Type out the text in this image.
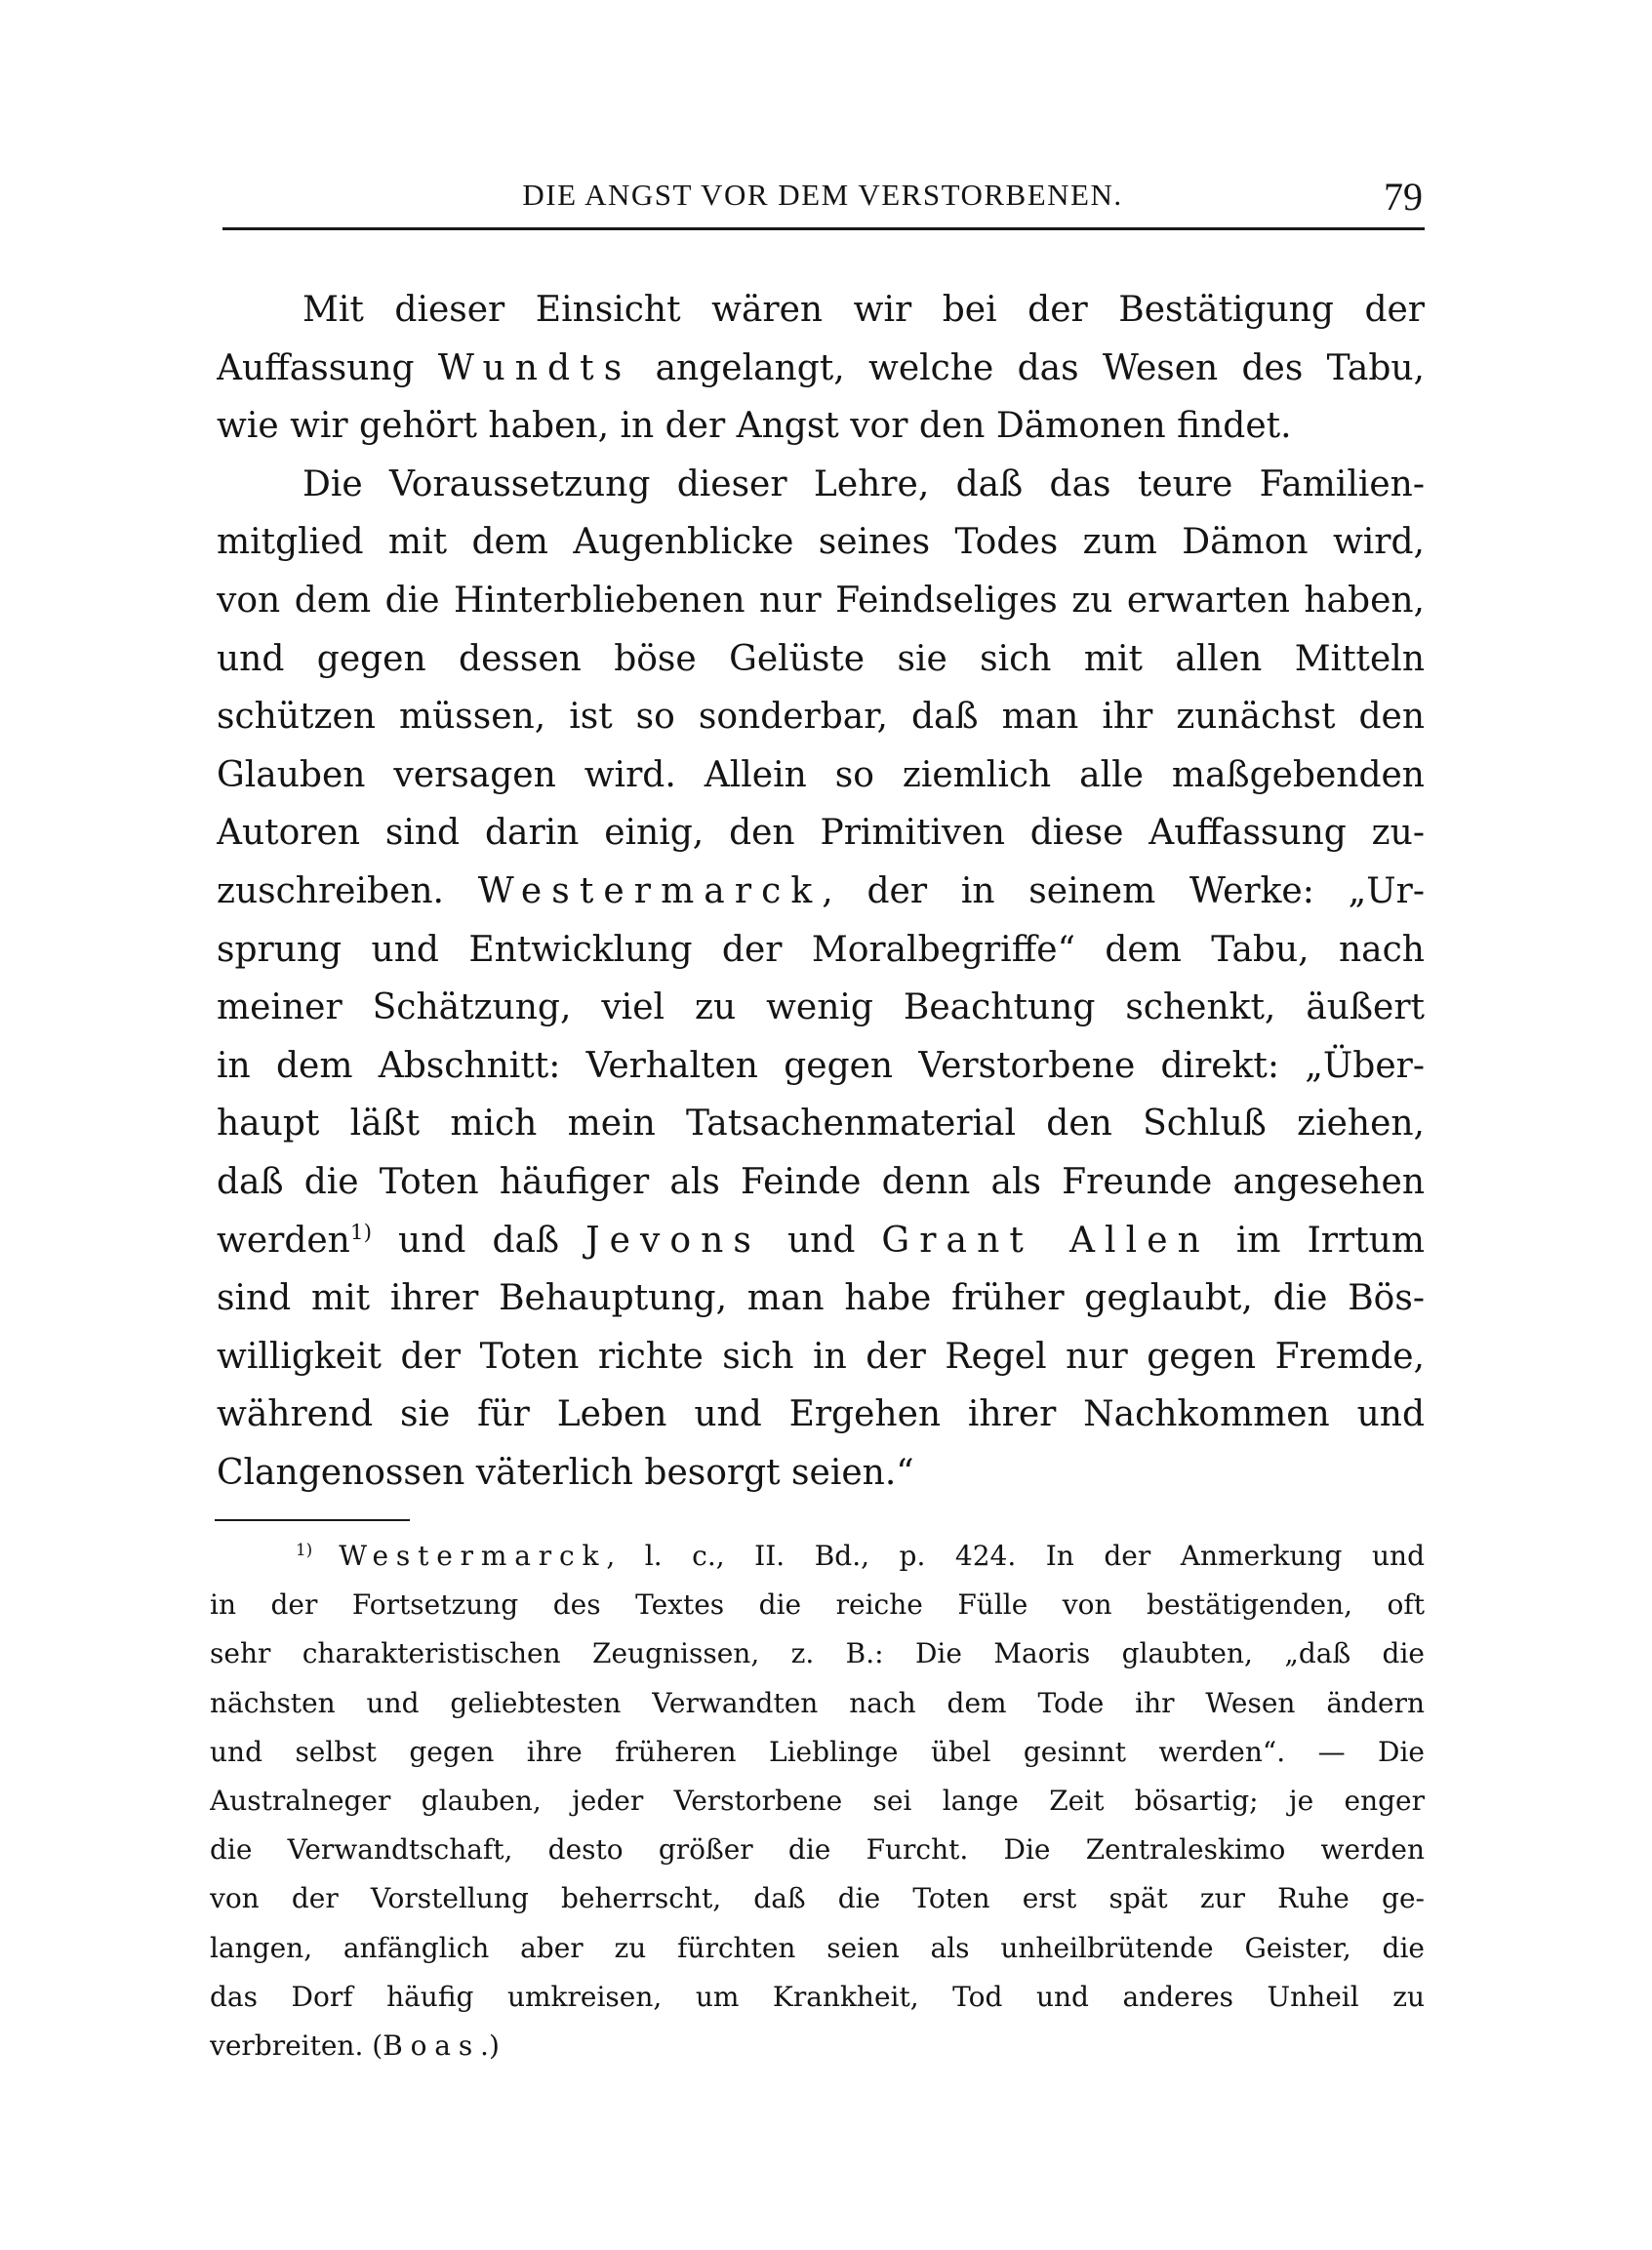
DIE ANGST VOR DEM VERSTORBENEN.	79
Mit dieser Einsicht wären wir bei der Bestätigung der
Auffassung Wundts angelangt, welche das Wesen des Tabu,
wie wir gehört haben, in der Angst vor den Dämonen findet.
Die Voraussetzung dieser Lehre, daß das teure Familien-
mitglied mit dem Augenblicke seines Todes zum Dämon wird,
von dem die Hinterbliebenen nur Feindseliges zu erwarten haben,
und gegen dessen böse Gelüste sie sich mit allen Mitteln
schützen müssen, ist so sonderbar, daß man ihr zunächst den
Glauben versagen wird. Allein so ziemlich alle maßgebenden
Autoren sind darin einig, den Primitiven diese Auffassung zu-
zuschreiben. Westermarck, der in seinem Werke: „Ur-
sprung und Entwicklung der Moralbegriffe“ dem Tabu, nach
meiner Schätzung, viel zu wenig Beachtung schenkt, äußert
in dem Abschnitt: Verhalten gegen Verstorbene direkt: „Über-
haupt läßt mich mein Tatsachenmaterial den Schluß ziehen,
daß die Toten häufiger als Feinde denn als Freunde angesehen
werden$^{1)}$ und daß Jevons und Grant Allen im Irrtum
sind mit ihrer Behauptung, man habe früher geglaubt, die Bös-
willigkeit der Toten richte sich in der Regel nur gegen Fremde,
während sie für Leben und Ergehen ihrer Nachkommen und
Clangenossen väterlich besorgt seien.“
$^{1)}$ Westermarck, l. c., II. Bd., p. 424. In der Anmerkung und
in der Fortsetzung des Textes die reiche Fülle von bestätigenden, oft
sehr charakteristischen Zeugnissen, z. B.: Die Maoris glaubten, „daß die
nächsten und geliebtesten Verwandten nach dem Tode ihr Wesen ändern
und selbst gegen ihre früheren Lieblinge übel gesinnt werden“. — Die
Australneger glauben, jeder Verstorbene sei lange Zeit bösartig; je enger
die Verwandtschaft, desto größer die Furcht. Die Zentraleskimo werden
von der Vorstellung beherrscht, daß die Toten erst spät zur Ruhe ge-
langen, anfänglich aber zu fürchten seien als unheilbrütende Geister, die
das Dorf häufig umkreisen, um Krankheit, Tod und anderes Unheil zu
verbreiten. (Boas.)
